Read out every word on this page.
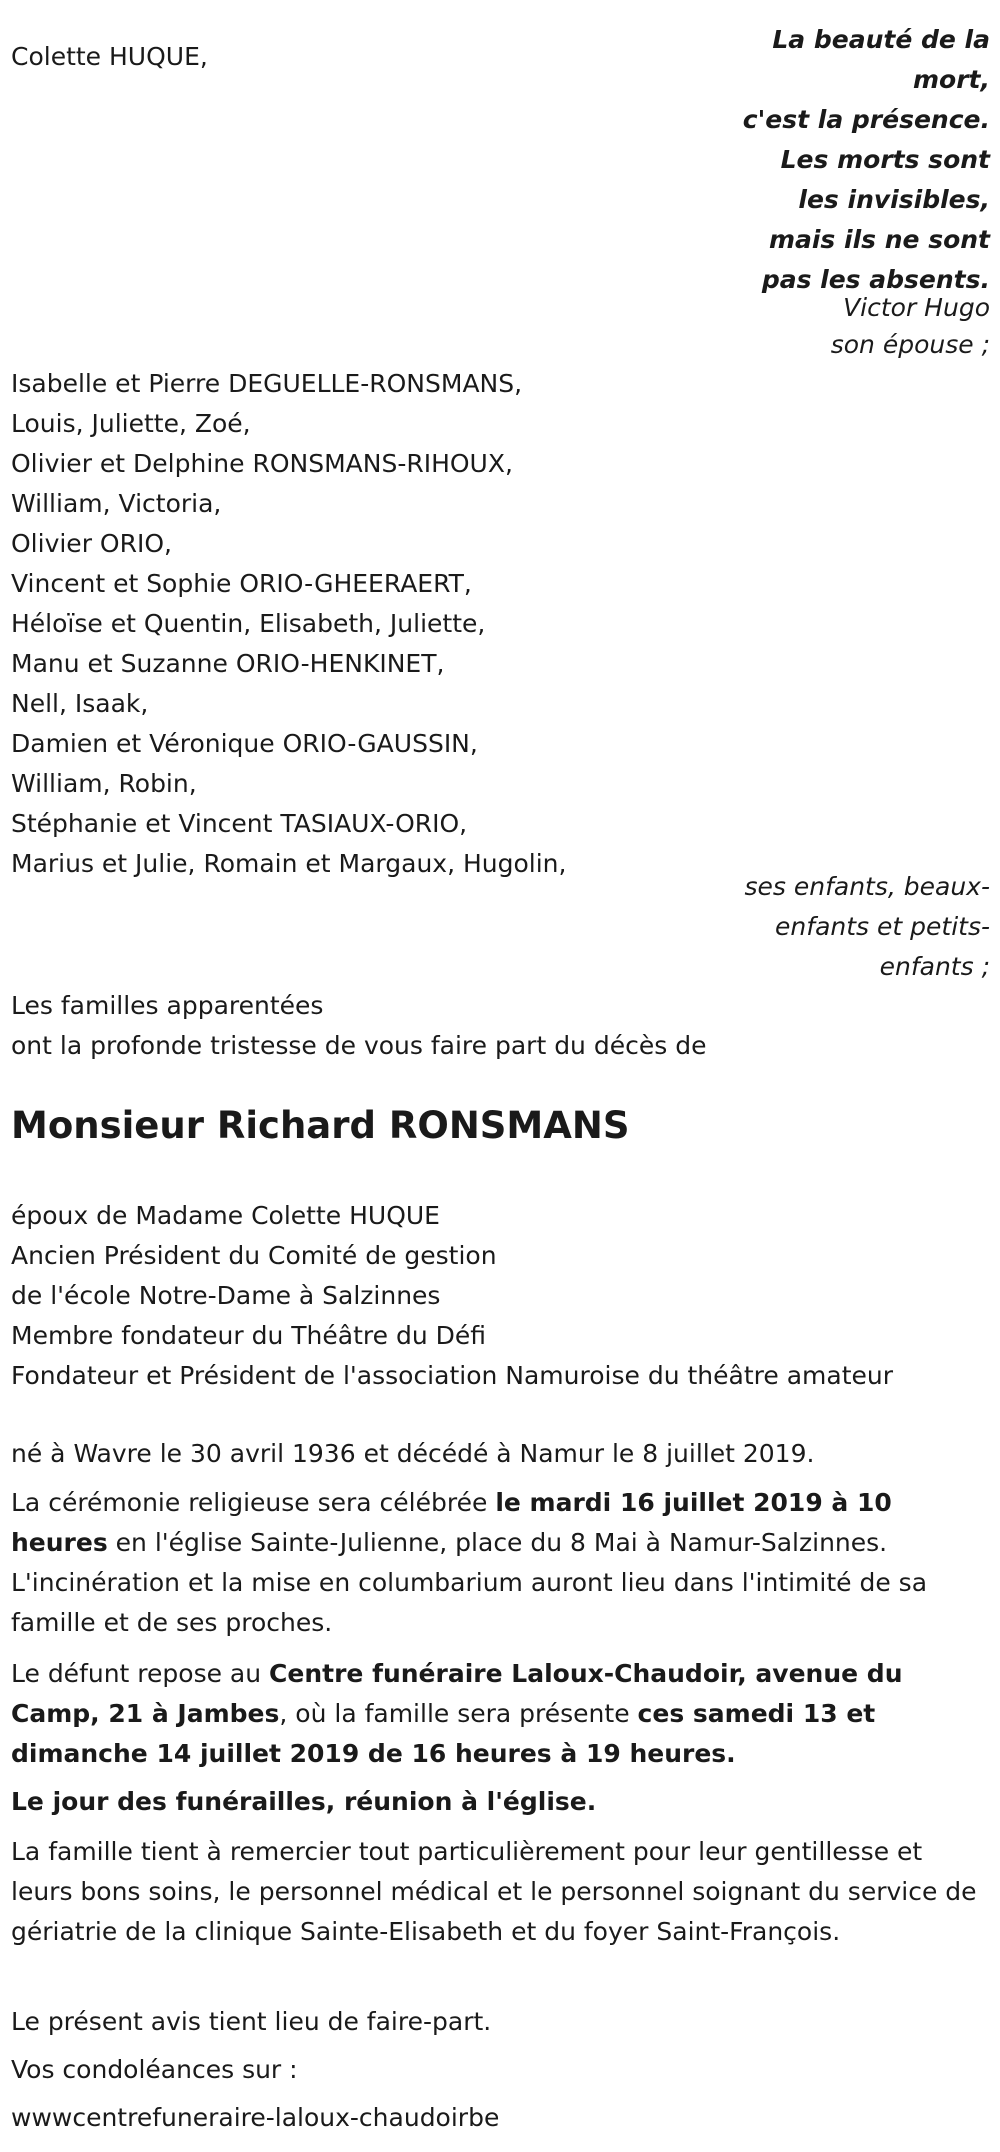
Colette HUQUE,
La beauté de la mort,
c'est la présence.
Les morts sont les invisibles,
mais ils ne sont pas les absents.
Victor Hugo
son épouse ;
Isabelle et Pierre DEGUELLE-RONSMANS,
Louis, Juliette, Zoé,
Olivier et Delphine RONSMANS-RIHOUX,
William, Victoria,
Olivier ORIO,
Vincent et Sophie ORIO-GHEERAERT,
Héloïse et Quentin, Elisabeth, Juliette,
Manu et Suzanne ORIO-HENKINET,
Nell, Isaak,
Damien et Véronique ORIO-GAUSSIN,
William, Robin,
Stéphanie et Vincent TASIAUX-ORIO,
Marius et Julie, Romain et Margaux, Hugolin,
ses enfants, beaux-
enfants et petits-
enfants ;
Les familles apparentées
ont la profonde tristesse de vous faire part du décès de
Monsieur Richard RONSMANS
époux de Madame Colette HUQUE
Ancien Président du Comité de gestion
de l'école Notre-Dame à Salzinnes
Membre fondateur du Théâtre du Défi
Fondateur et Président de l'association Namuroise du théâtre amateur
né à Wavre le 30 avril 1936 et décédé à Namur le 8 juillet 2019.
La cérémonie religieuse sera célébrée le mardi 16 juillet 2019 à 10 heures en l'église Sainte-Julienne, place du 8 Mai à Namur-Salzinnes. L'incinération et la mise en columbarium auront lieu dans l'intimité de sa famille et de ses proches.
Le défunt repose au Centre funéraire Laloux-Chaudoir, avenue du Camp, 21 à Jambes, où la famille sera présente ces samedi 13 et dimanche 14 juillet 2019 de 16 heures à 19 heures.
Le jour des funérailles, réunion à l'église.
La famille tient à remercier tout particulièrement pour leur gentillesse et leurs bons soins, le personnel médical et le personnel soignant du service de gériatrie de la clinique Sainte-Elisabeth et du foyer Saint-François.
Le présent avis tient lieu de faire-part.
Vos condoléances sur :
wwwcentrefuneraire-laloux-chaudoirbe
